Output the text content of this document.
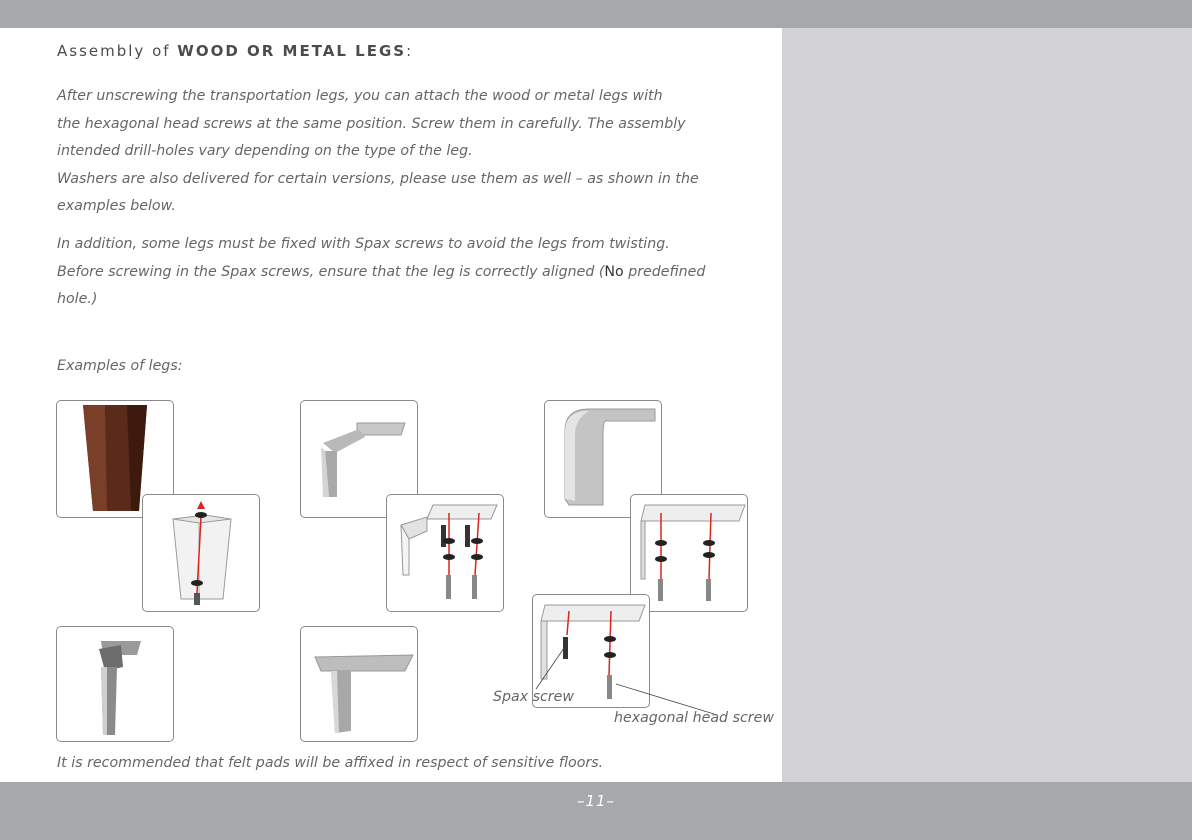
Assembly of WOOD OR METAL LEGS:
After unscrewing the transportation legs, you can attach the wood or metal legs with
the hexagonal head screws at the same position. Screw them in carefully. The assembly
intended drill-holes vary depending on the type of the leg.
Washers are also delivered for certain versions, please use them as well – as shown in the
examples below.
In addition, some legs must be fixed with Spax screws to avoid the legs from twisting.
Before screwing in the Spax screws, ensure that the leg is correctly aligned (No predefined
hole.)
Examples of legs:
Spax screw
hexagonal head screw
It is recommended that felt pads will be affixed in respect of sensitive floors.
–11–
